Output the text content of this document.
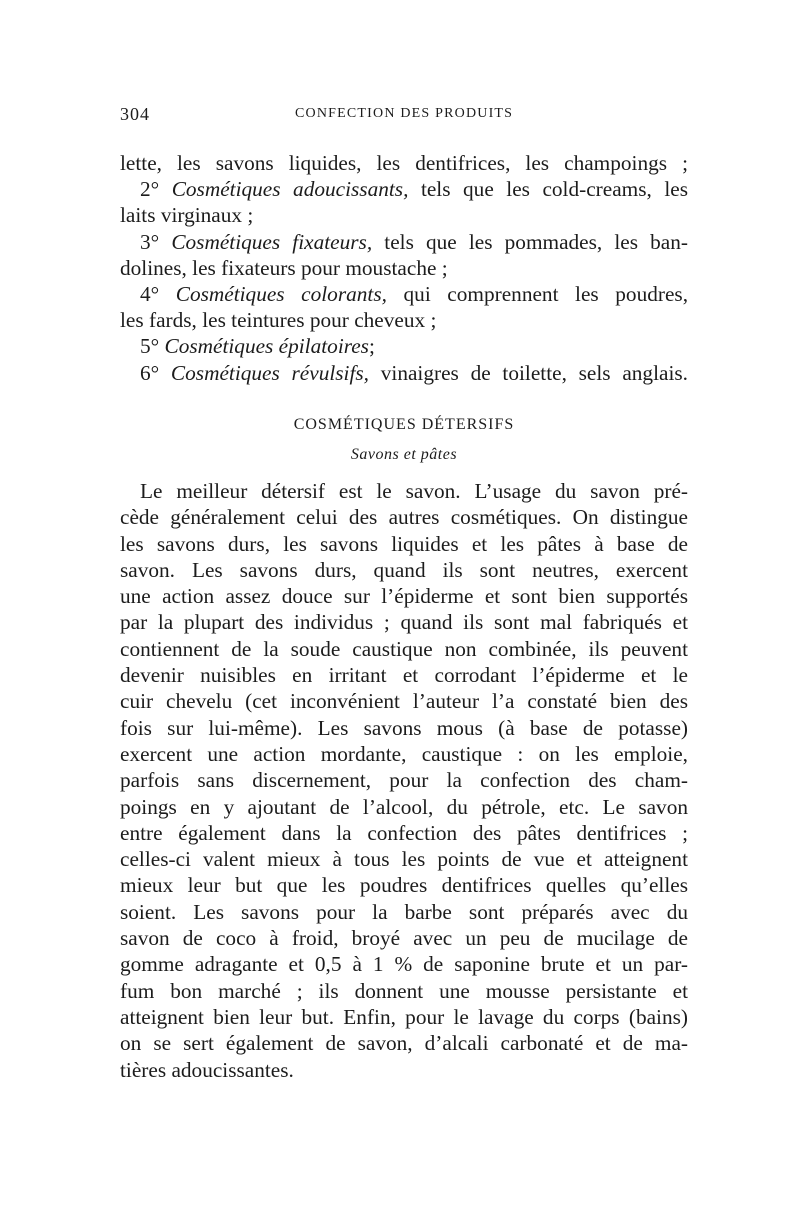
304	CONFECTION DES PRODUITS
lette, les savons liquides, les dentifrices, les champoings ;
2° Cosmétiques adoucissants, tels que les cold-creams, les
laits virginaux ;
3° Cosmétiques fixateurs, tels que les pommades, les ban-
dolines, les fixateurs pour moustache ;
4° Cosmétiques colorants, qui comprennent les poudres,
les fards, les teintures pour cheveux ;
5° Cosmétiques épilatoires;
6° Cosmétiques révulsifs, vinaigres de toilette, sels anglais.
COSMÉTIQUES DÉTERSIFS
Savons et pâtes
Le meilleur détersif est le savon. L’usage du savon pré-
cède généralement celui des autres cosmétiques. On distingue
les savons durs, les savons liquides et les pâtes à base de
savon. Les savons durs, quand ils sont neutres, exercent
une action assez douce sur l’épiderme et sont bien supportés
par la plupart des individus ; quand ils sont mal fabriqués et
contiennent de la soude caustique non combinée, ils peuvent
devenir nuisibles en irritant et corrodant l’épiderme et le
cuir chevelu (cet inconvénient l’auteur l’a constaté bien des
fois sur lui-même). Les savons mous (à base de potasse)
exercent une action mordante, caustique : on les emploie,
parfois sans discernement, pour la confection des cham-
poings en y ajoutant de l’alcool, du pétrole, etc. Le savon
entre également dans la confection des pâtes dentifrices ;
celles-ci valent mieux à tous les points de vue et atteignent
mieux leur but que les poudres dentifrices quelles qu’elles
soient. Les savons pour la barbe sont préparés avec du
savon de coco à froid, broyé avec un peu de mucilage de
gomme adragante et 0,5 à 1 % de saponine brute et un par-
fum bon marché ; ils donnent une mousse persistante et
atteignent bien leur but. Enfin, pour le lavage du corps (bains)
on se sert également de savon, d’alcali carbonaté et de ma-
tières adoucissantes.
